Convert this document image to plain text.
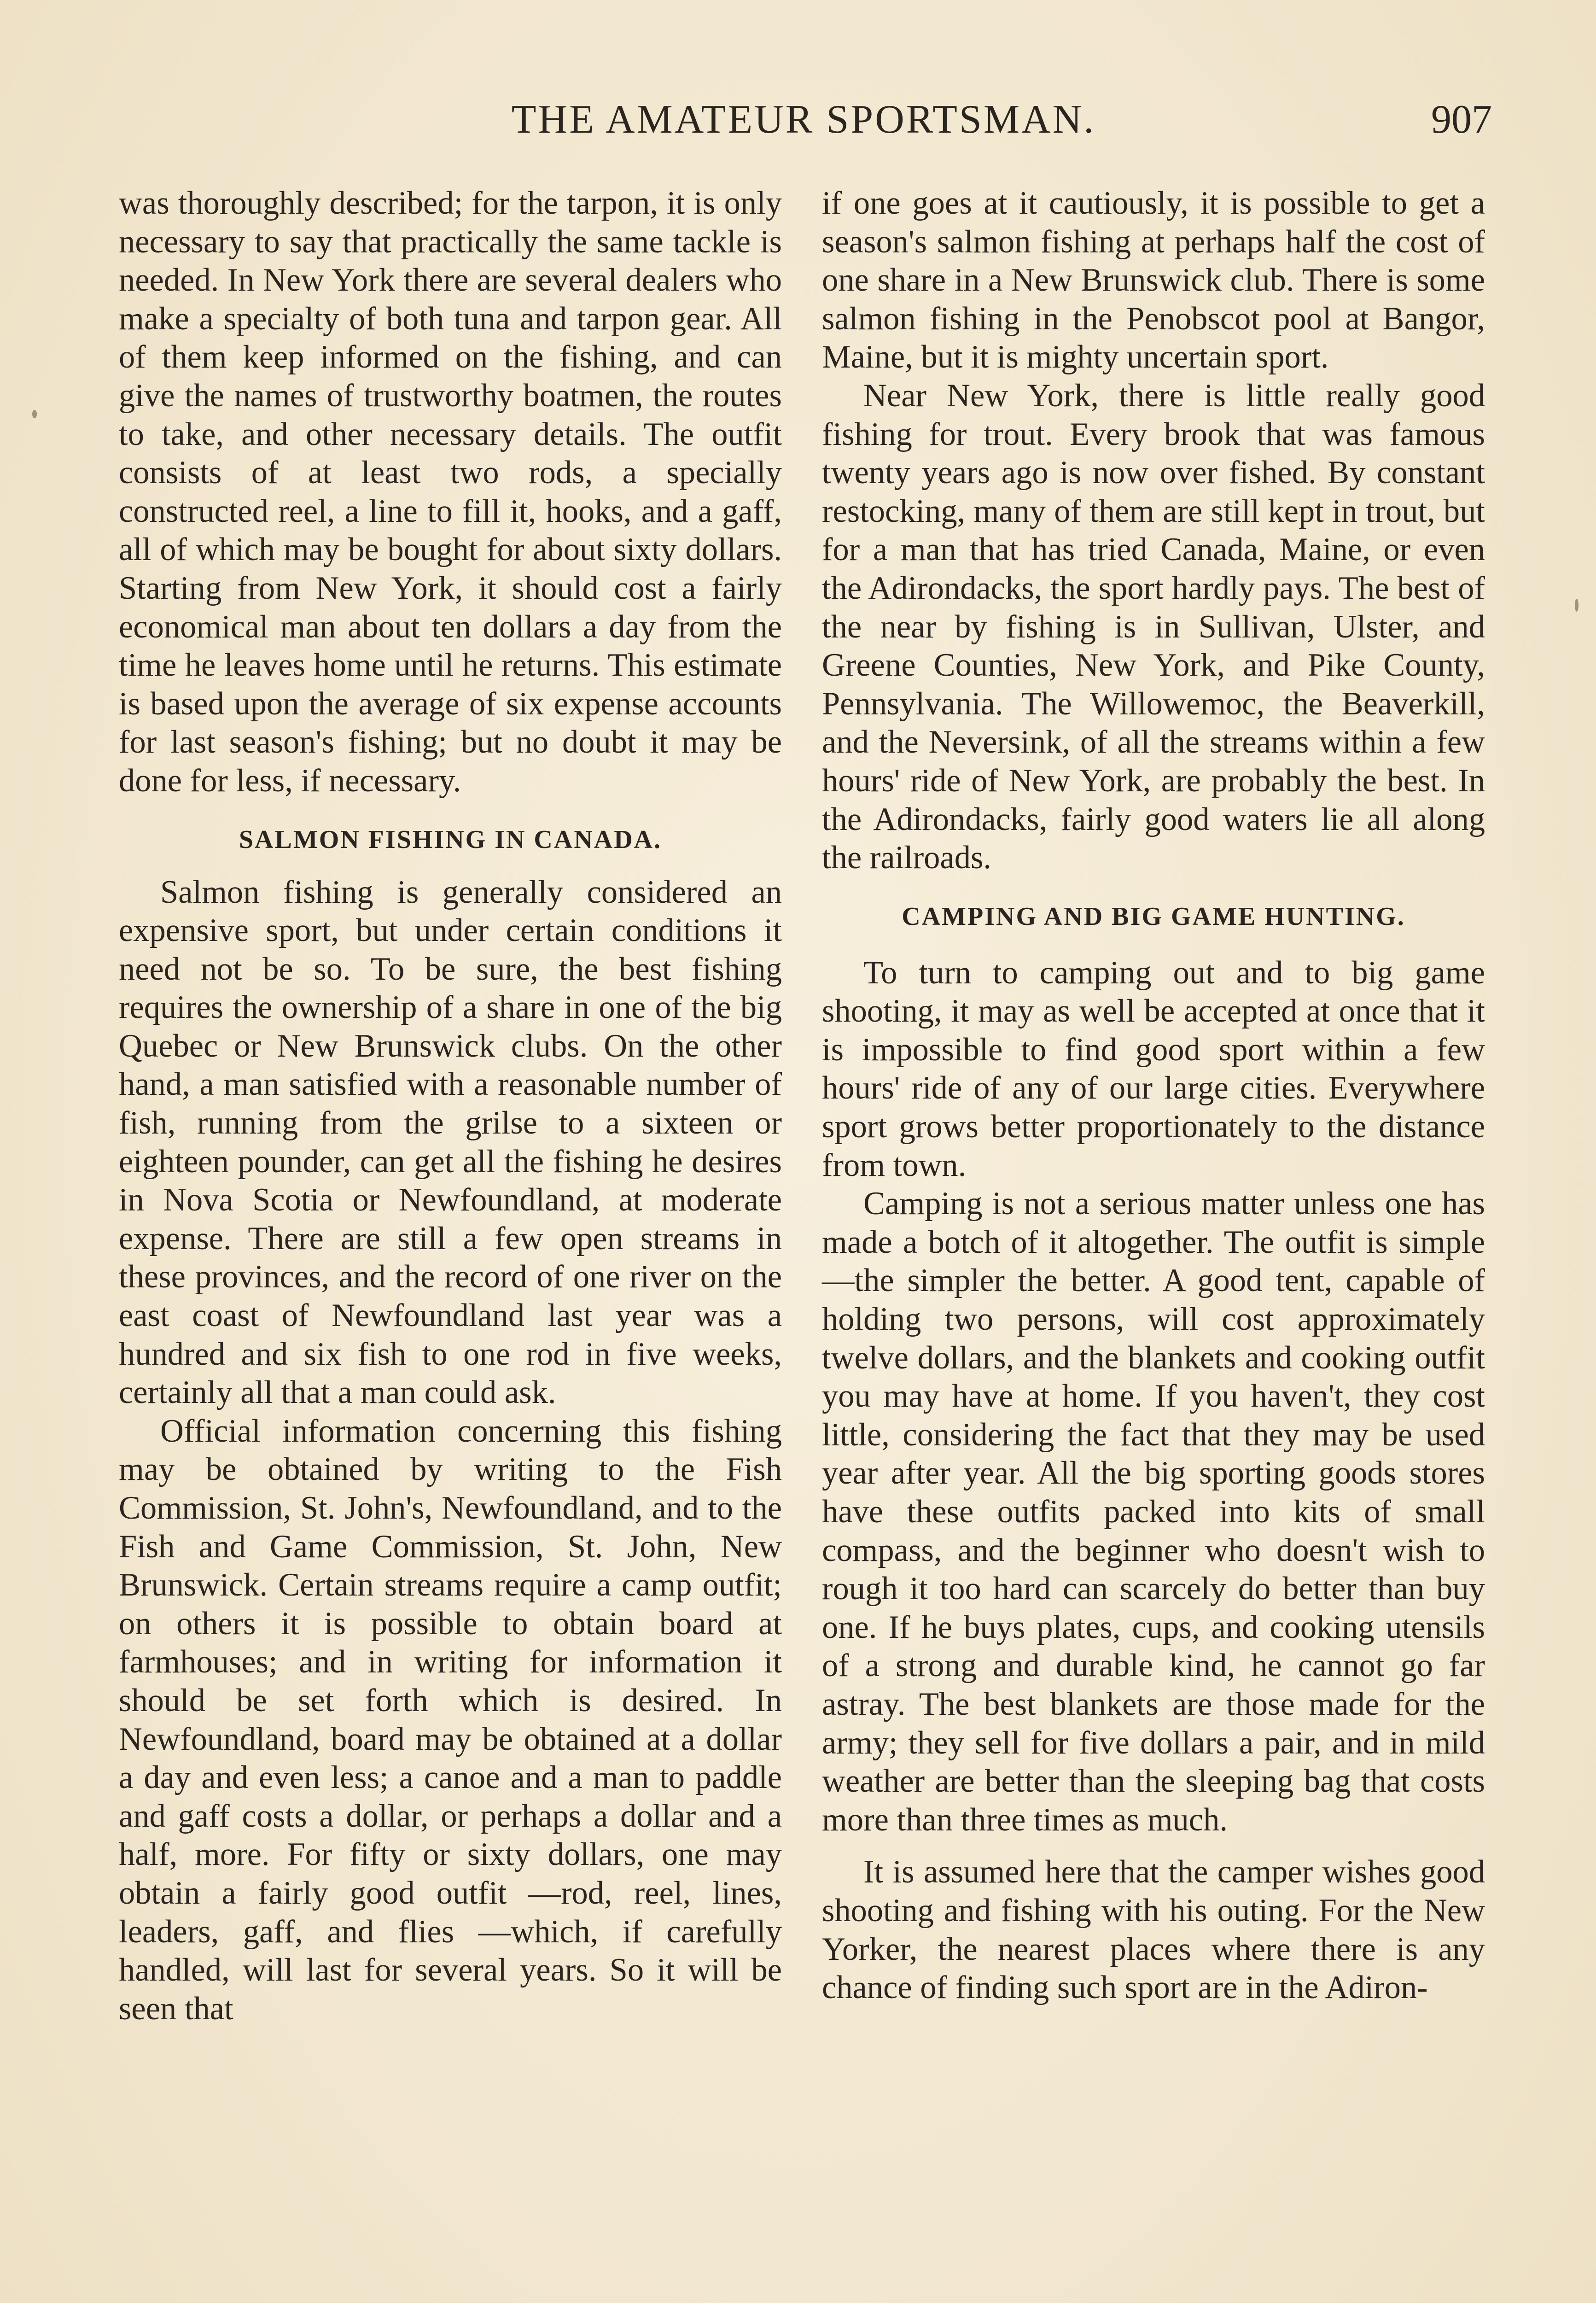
THE AMATEUR SPORTSMAN.	907

was thoroughly described; for the tarpon, it is only necessary to say that practically the same tackle is needed. In New York there are several dealers who make a specialty of both tuna and tarpon gear. All of them keep informed on the fishing, and can give the names of trustworthy boatmen, the routes to take, and other necessary details. The outfit consists of at least two rods, a specially constructed reel, a line to fill it, hooks, and a gaff, all of which may be bought for about sixty dollars. Starting from New York, it should cost a fairly economical man about ten dollars a day from the time he leaves home until he returns. This estimate is based upon the average of six expense accounts for last season's fishing; but no doubt it may be done for less, if necessary.

SALMON FISHING IN CANADA.

Salmon fishing is generally considered an expensive sport, but under certain conditions it need not be so. To be sure, the best fishing requires the ownership of a share in one of the big Quebec or New Brunswick clubs. On the other hand, a man satisfied with a reasonable number of fish, running from the grilse to a sixteen or eighteen pounder, can get all the fishing he desires in Nova Scotia or Newfoundland, at moderate expense. There are still a few open streams in these provinces, and the record of one river on the east coast of Newfoundland last year was a hundred and six fish to one rod in five weeks, certainly all that a man could ask.

Official information concerning this fishing may be obtained by writing to the Fish Commission, St. John's, Newfoundland, and to the Fish and Game Commission, St. John, New Brunswick. Certain streams require a camp outfit; on others it is possible to obtain board at farmhouses; and in writing for information it should be set forth which is desired. In Newfoundland, board may be obtained at a dollar a day and even less; a canoe and a man to paddle and gaff costs a dollar, or perhaps a dollar and a half, more. For fifty or sixty dollars, one may obtain a fairly good outfit —rod, reel, lines, leaders, gaff, and flies —which, if carefully handled, will last for several years. So it will be seen that

if one goes at it cautiously, it is possible to get a season's salmon fishing at perhaps half the cost of one share in a New Brunswick club. There is some salmon fishing in the Penobscot pool at Bangor, Maine, but it is mighty uncertain sport.

Near New York, there is little really good fishing for trout. Every brook that was famous twenty years ago is now over fished. By constant restocking, many of them are still kept in trout, but for a man that has tried Canada, Maine, or even the Adirondacks, the sport hardly pays. The best of the near by fishing is in Sullivan, Ulster, and Greene Counties, New York, and Pike County, Pennsylvania. The Willowemoc, the Beaverkill, and the Neversink, of all the streams within a few hours' ride of New York, are probably the best. In the Adirondacks, fairly good waters lie all along the railroads.

CAMPING AND BIG GAME HUNTING.

To turn to camping out and to big game shooting, it may as well be accepted at once that it is impossible to find good sport within a few hours' ride of any of our large cities. Everywhere sport grows better proportionately to the distance from town.

Camping is not a serious matter unless one has made a botch of it altogether. The outfit is simple—the simpler the better. A good tent, capable of holding two persons, will cost approximately twelve dollars, and the blankets and cooking outfit you may have at home. If you haven't, they cost little, considering the fact that they may be used year after year. All the big sporting goods stores have these outfits packed into kits of small compass, and the beginner who doesn't wish to rough it too hard can scarcely do better than buy one. If he buys plates, cups, and cooking utensils of a strong and durable kind, he cannot go far astray. The best blankets are those made for the army; they sell for five dollars a pair, and in mild weather are better than the sleeping bag that costs more than three times as much.

It is assumed here that the camper wishes good shooting and fishing with his outing. For the New Yorker, the nearest places where there is any chance of finding such sport are in the Adiron-
